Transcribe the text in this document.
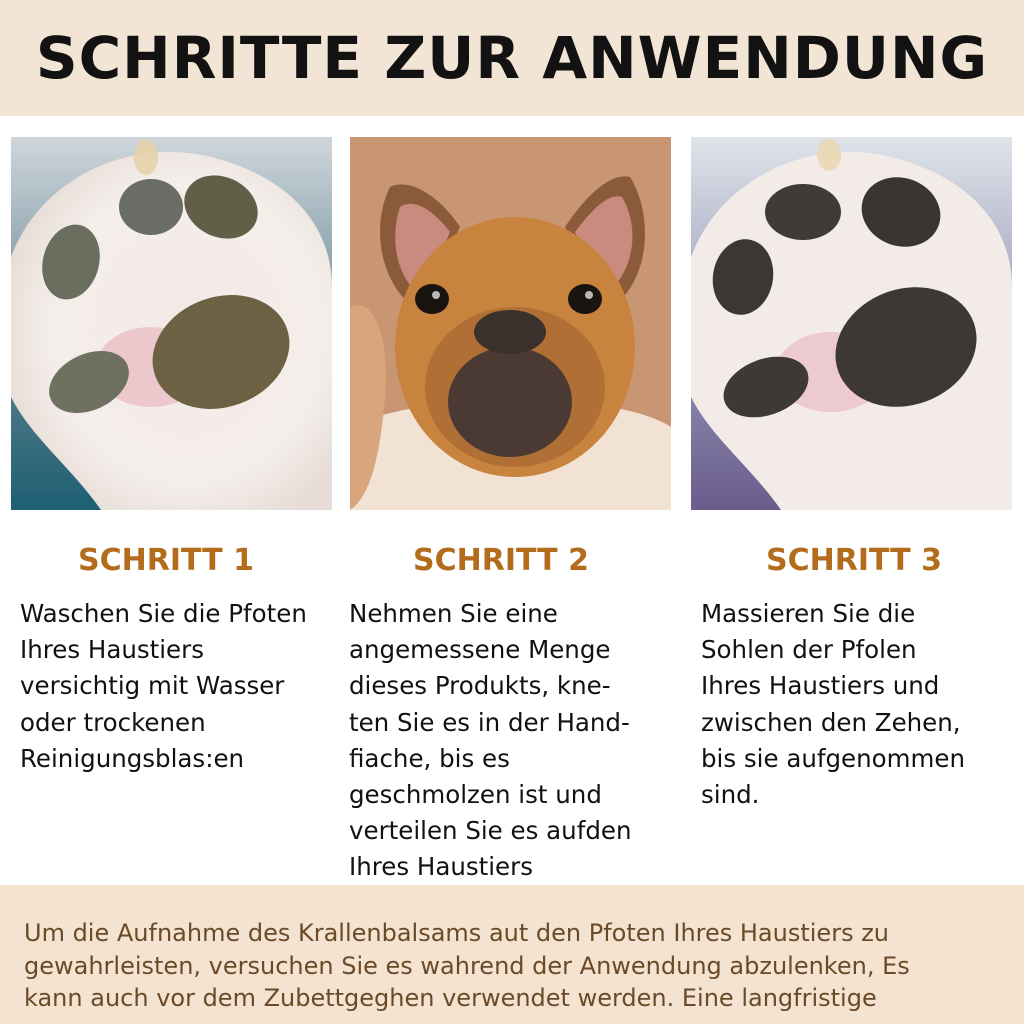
SCHRITTE ZUR ANWENDUNG
SCHRITT 1	SCHRITT 2	SCHRITT 3

Waschen Sie die Pfoten
Ihres Haustiers
versichtig mit Wasser
oder trockenen
Reinigungsblas:en

Nehmen Sie eine
angemessene Menge
dieses Produkts, kne-
ten Sie es in der Hand-
fiache, bis es
geschmolzen ist und
verteilen Sie es aufden
Ihres Haustiers

Massieren Sie die
Sohlen der Pfolen
Ihres Haustiers und
zwischen den Zehen,
bis sie aufgenommen
sind.

Um die Aufnahme des Krallenbalsams aut den Pfoten Ihres Haustiers zu
gewahrleisten, versuchen Sie es wahrend der Anwendung abzulenken, Es
kann auch vor dem Zubettgeghen verwendet werden. Eine langfristige
